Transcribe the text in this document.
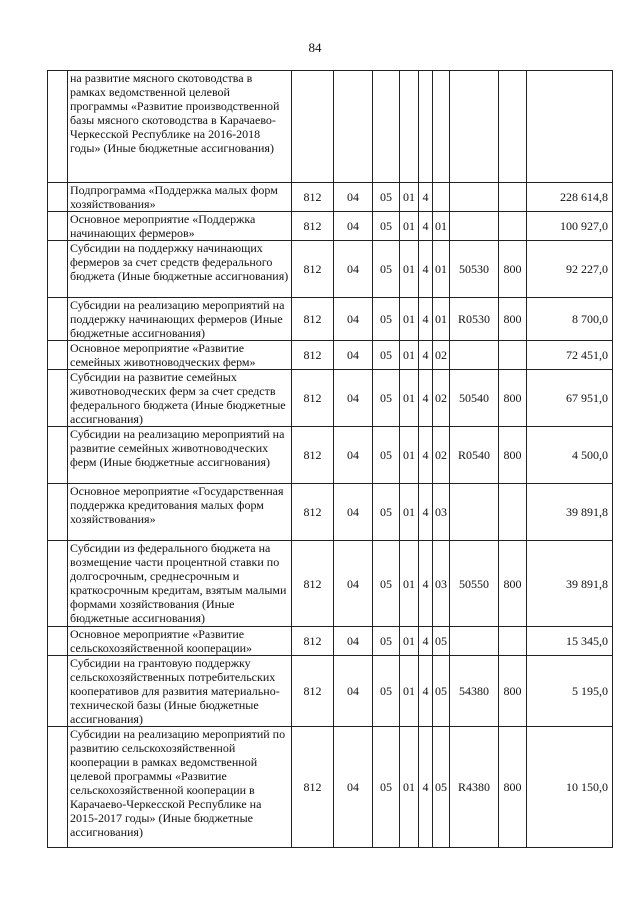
84
	на развитие мясного скотоводства в рамках ведомственной целевой программы «Развитие производственной базы мясного скотоводства в Карачаево-Черкесской Республике на 2016-2018 годы» (Иные бюджетные ассигнования)									
	Подпрограмма «Поддержка малых форм хозяйствования»	812	04	05	01	4				228 614,8
	Основное мероприятие «Поддержка начинающих фермеров»	812	04	05	01	4	01			100 927,0
	Субсидии на поддержку начинающих фермеров за счет средств федерального бюджета (Иные бюджетные ассигнования)	812	04	05	01	4	01	50530	800	92 227,0
	Субсидии на реализацию мероприятий на поддержку начинающих фермеров (Иные бюджетные ассигнования)	812	04	05	01	4	01	R0530	800	8 700,0
	Основное мероприятие «Развитие семейных животноводческих ферм»	812	04	05	01	4	02			72 451,0
	Субсидии на развитие семейных животноводческих ферм за счет средств федерального бюджета (Иные бюджетные ассигнования)	812	04	05	01	4	02	50540	800	67 951,0
	Субсидии на реализацию мероприятий на развитие семейных животноводческих ферм (Иные бюджетные ассигнования)	812	04	05	01	4	02	R0540	800	4 500,0
	Основное мероприятие «Государственная поддержка кредитования малых форм хозяйствования»	812	04	05	01	4	03			39 891,8
	Субсидии из федерального бюджета на возмещение части процентной ставки по долгосрочным, среднесрочным и краткосрочным кредитам, взятым малыми формами хозяйствования (Иные бюджетные ассигнования)	812	04	05	01	4	03	50550	800	39 891,8
	Основное мероприятие «Развитие сельскохозяйственной кооперации»	812	04	05	01	4	05			15 345,0
	Субсидии на грантовую поддержку сельскохозяйственных потребительских кооперативов для развития материально-технической базы (Иные бюджетные ассигнования)	812	04	05	01	4	05	54380	800	5 195,0
	Субсидии на реализацию мероприятий по развитию сельскохозяйственной кооперации в рамках ведомственной целевой программы «Развитие сельскохозяйственной кооперации в Карачаево-Черкесской Республике на 2015-2017 годы» (Иные бюджетные ассигнования)	812	04	05	01	4	05	R4380	800	10 150,0
